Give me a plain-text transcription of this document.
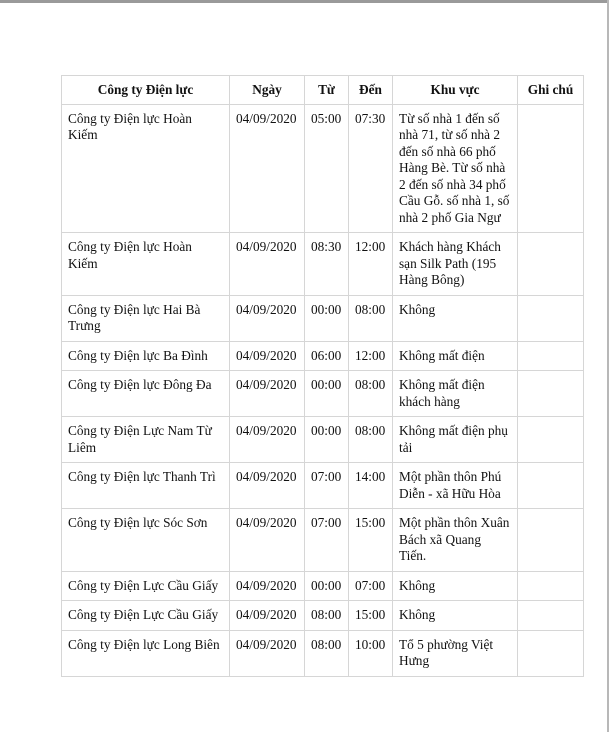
Công ty Điện lực	Ngày	Từ	Đến	Khu vực	Ghi chú
Công ty Điện lực Hoàn Kiếm	04/09/2020	05:00	07:30	Từ số nhà 1 đến số nhà 71, từ số nhà 2 đến số nhà 66 phố Hàng Bè. Từ số nhà 2 đến số nhà 34 phố Cầu Gỗ. số nhà 1, số nhà 2 phố Gia Ngư	
Công ty Điện lực Hoàn Kiếm	04/09/2020	08:30	12:00	Khách hàng Khách sạn Silk Path (195 Hàng Bông)	
Công ty Điện lực Hai Bà Trưng	04/09/2020	00:00	08:00	Không	
Công ty Điện lực Ba Đình	04/09/2020	06:00	12:00	Không mất điện	
Công ty Điện lực Đông Đa	04/09/2020	00:00	08:00	Không mất điện khách hàng	
Công ty Điện Lực Nam Từ Liêm	04/09/2020	00:00	08:00	Không mất điện phụ tải	
Công ty Điện lực Thanh Trì	04/09/2020	07:00	14:00	Một phần thôn Phú Diễn - xã Hữu Hòa	
Công ty Điện lực Sóc Sơn	04/09/2020	07:00	15:00	Một phần thôn Xuân Bách xã Quang Tiến.	
Công ty Điện Lực Cầu Giấy	04/09/2020	00:00	07:00	Không	
Công ty Điện Lực Cầu Giấy	04/09/2020	08:00	15:00	Không	
Công ty Điện lực Long Biên	04/09/2020	08:00	10:00	Tổ 5 phường Việt Hưng	
